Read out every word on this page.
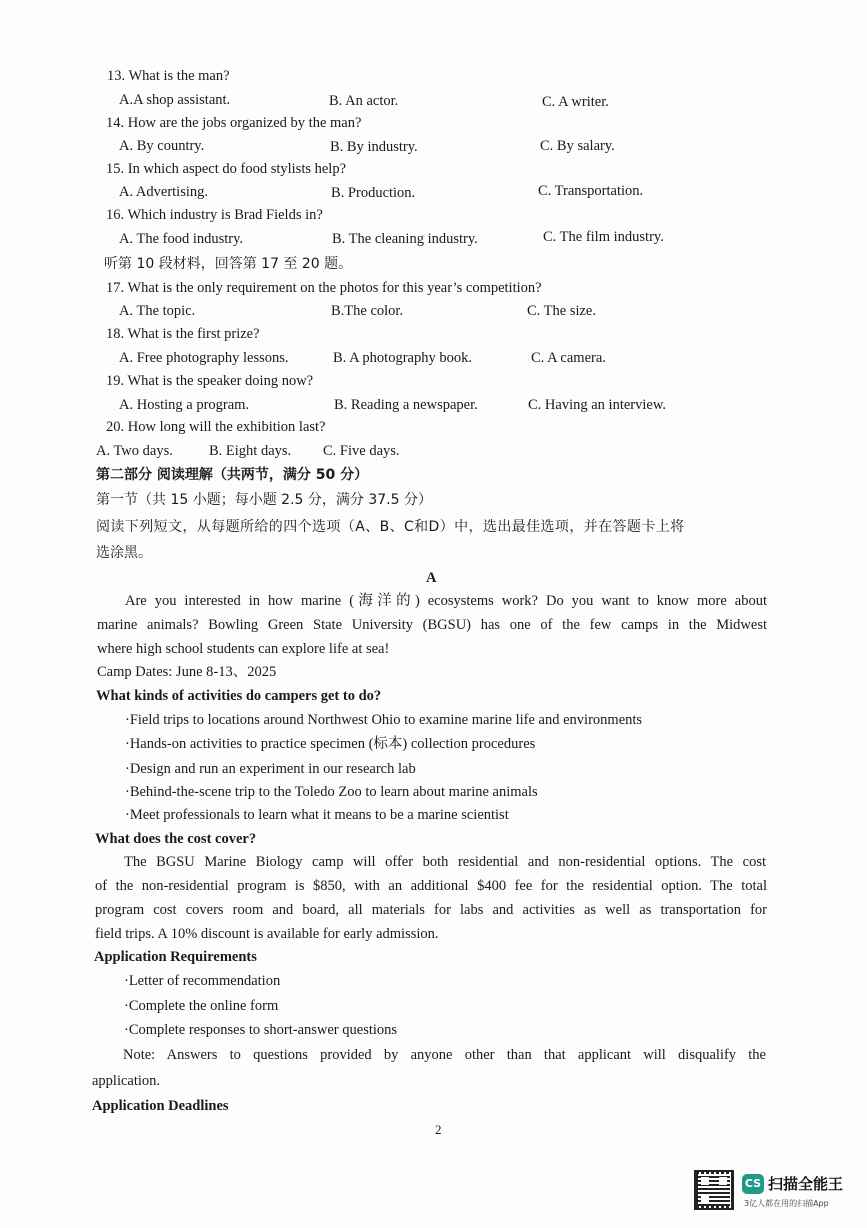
13. What is the man?
A.A shop assistant.	B. An actor.	C. A writer.
14. How are the jobs organized by the man?
A. By country.	B. By industry.	C. By salary.
15. In which aspect do food stylists help?
A. Advertising.	B. Production.	C. Transportation.
16. Which industry is Brad Fields in?
A. The food industry.	B. The cleaning industry.	C. The film industry.
听第 10 段材料，回答第 17 至 20 题。
17. What is the only requirement on the photos for this year’s competition?
A. The topic.	B.The color.	C. The size.
18. What is the first prize?
A. Free photography lessons.	B. A photography book.	C. A camera.
19. What is the speaker doing now?
A. Hosting a program.	B. Reading a newspaper.	C. Having an interview.
20. How long will the exhibition last?
A. Two days. B. Eight days. C. Five days.
第二部分 阅读理解（共两节，满分 50 分）
第一节（共 15 小题；每小题 2.5 分，满分 37.5 分）
阅读下列短文，从每题所给的四个选项（A、B、C和D）中，选出最佳选项，并在答题卡上将
选涂黑。
A
Are you interested in how marine (海洋的) ecosystems work? Do you want to know more about
marine animals? Bowling Green State University (BGSU) has one of the few camps in the Midwest
where high school students can explore life at sea!
Camp Dates: June 8-13、2025
What kinds of activities do campers get to do?
·Field trips to locations around Northwest Ohio to examine marine life and environments
·Hands-on activities to practice specimen (标本) collection procedures
·Design and run an experiment in our research lab
·Behind-the-scene trip to the Toledo Zoo to learn about marine animals
·Meet professionals to learn what it means to be a marine scientist
What does the cost cover?
The BGSU Marine Biology camp will offer both residential and non-residential options. The cost
of the non-residential program is $850, with an additional $400 fee for the residential option. The total
program cost covers room and board, all materials for labs and activities as well as transportation for
field trips. A 10% discount is available for early admission.
Application Requirements
·Letter of recommendation
·Complete the online form
·Complete responses to short-answer questions
Note: Answers to questions provided by anyone other than that applicant will disqualify the
application.
Application Deadlines
2
CS 扫描全能王
3亿人都在用的扫描App
